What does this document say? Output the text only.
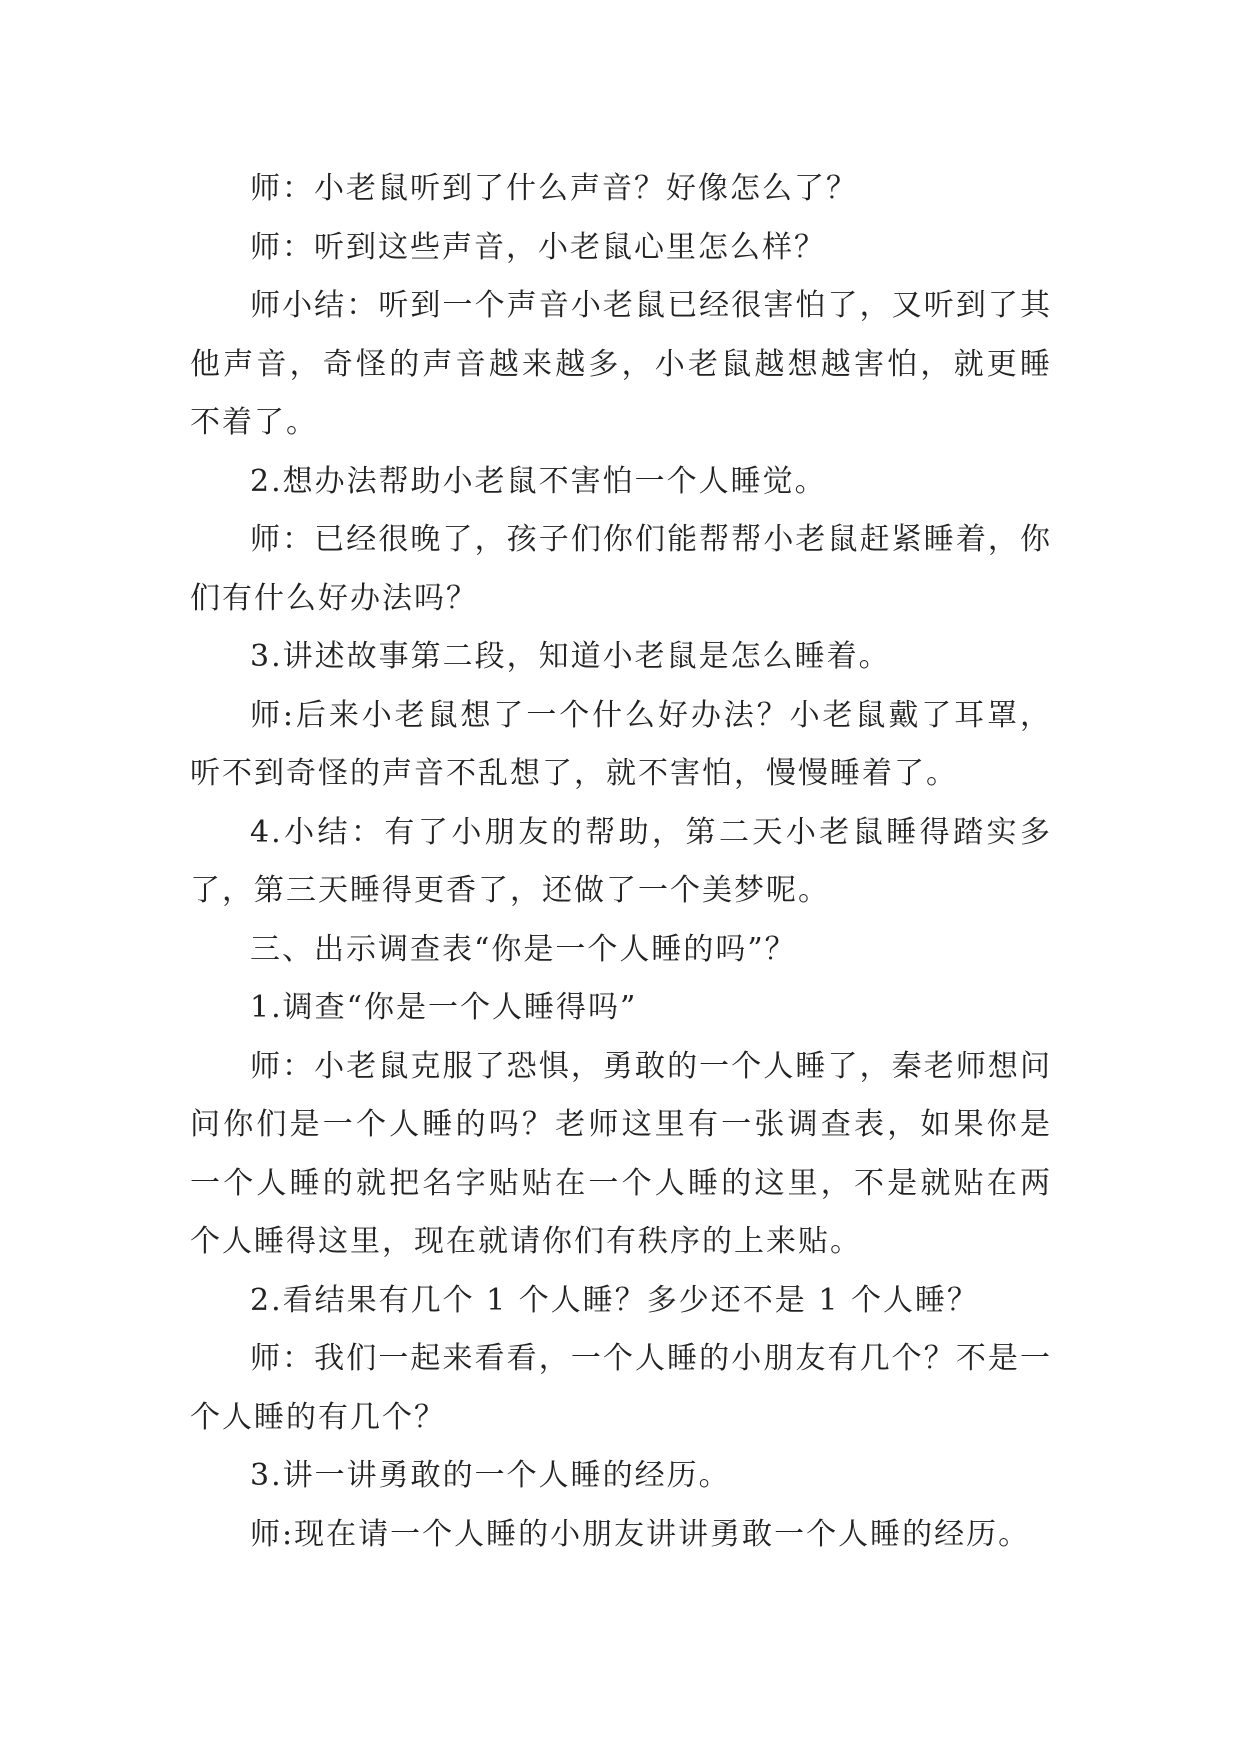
师：小老鼠听到了什么声音？好像怎么了？

师：听到这些声音，小老鼠心里怎么样？

师小结：听到一个声音小老鼠已经很害怕了，又听到了其他声音，奇怪的声音越来越多，小老鼠越想越害怕，就更睡不着了。

2.想办法帮助小老鼠不害怕一个人睡觉。

师：已经很晚了，孩子们你们能帮帮小老鼠赶紧睡着，你们有什么好办法吗？

3.讲述故事第二段，知道小老鼠是怎么睡着。

师:后来小老鼠想了一个什么好办法？小老鼠戴了耳罩，听不到奇怪的声音不乱想了，就不害怕，慢慢睡着了。

4.小结：有了小朋友的帮助，第二天小老鼠睡得踏实多了，第三天睡得更香了，还做了一个美梦呢。

三、出示调查表“你是一个人睡的吗”？

1.调查“你是一个人睡得吗”

师：小老鼠克服了恐惧，勇敢的一个人睡了，秦老师想问问你们是一个人睡的吗？老师这里有一张调查表，如果你是一个人睡的就把名字贴贴在一个人睡的这里，不是就贴在两个人睡得这里，现在就请你们有秩序的上来贴。

2.看结果有几个 1 个人睡？多少还不是 1 个人睡？

师：我们一起来看看，一个人睡的小朋友有几个？不是一个人睡的有几个？

3.讲一讲勇敢的一个人睡的经历。

师:现在请一个人睡的小朋友讲讲勇敢一个人睡的经历。
